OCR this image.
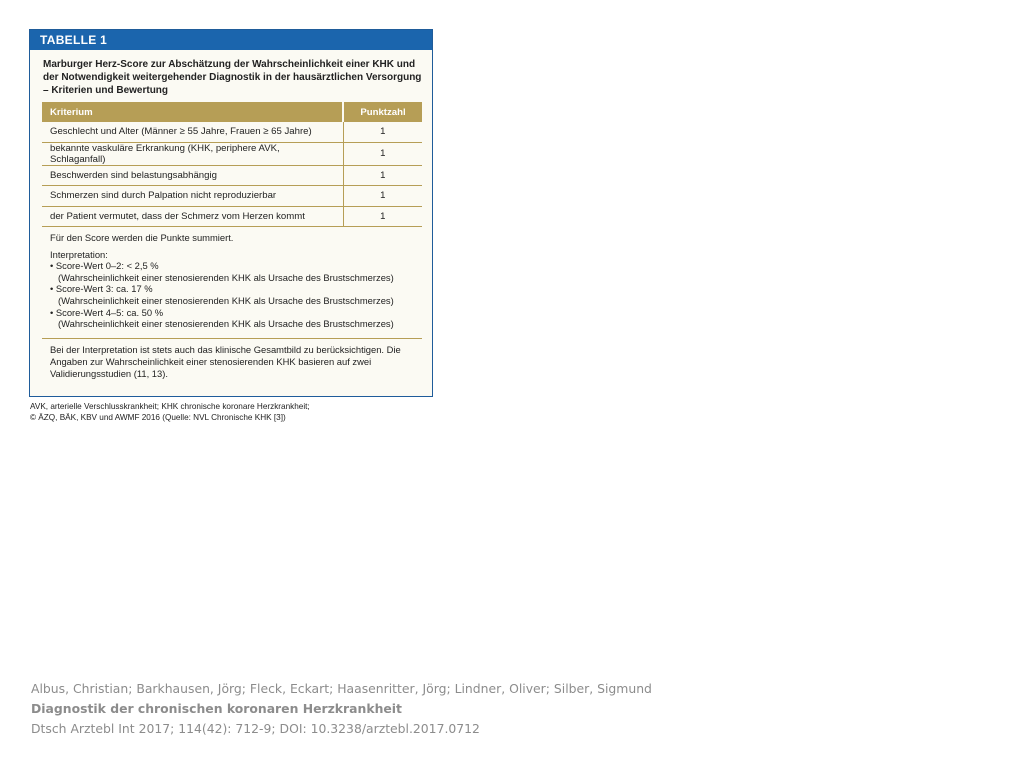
TABELLE 1
Marburger Herz-Score zur Abschätzung der Wahrscheinlichkeit einer KHK und der Notwendigkeit weitergehender Diagnostik in der hausärztlichen Versorgung – Kriterien und Bewertung
Kriterium	Punktzahl
Geschlecht und Alter (Männer ≥ 55 Jahre, Frauen ≥ 65 Jahre)	1
bekannte vaskuläre Erkrankung (KHK, periphere AVK, Schlaganfall)	1
Beschwerden sind belastungsabhängig	1
Schmerzen sind durch Palpation nicht reproduzierbar	1
der Patient vermutet, dass der Schmerz vom Herzen kommt	1
Für den Score werden die Punkte summiert.
Interpretation:
• Score-Wert 0–2: < 2,5 %
(Wahrscheinlichkeit einer stenosierenden KHK als Ursache des Brustschmerzes)
• Score-Wert 3: ca. 17 %
(Wahrscheinlichkeit einer stenosierenden KHK als Ursache des Brustschmerzes)
• Score-Wert 4–5: ca. 50 %
(Wahrscheinlichkeit einer stenosierenden KHK als Ursache des Brustschmerzes)
Bei der Interpretation ist stets auch das klinische Gesamtbild zu berücksichtigen. Die Angaben zur Wahrscheinlichkeit einer stenosierenden KHK basieren auf zwei Validierungsstudien (11, 13).
AVK, arterielle Verschlusskrankheit; KHK chronische koronare Herzkrankheit;
© ÄZQ, BÄK, KBV und AWMF 2016 (Quelle: NVL Chronische KHK [3])
Albus, Christian; Barkhausen, Jörg; Fleck, Eckart; Haasenritter, Jörg; Lindner, Oliver; Silber, Sigmund
Diagnostik der chronischen koronaren Herzkrankheit
Dtsch Arztebl Int 2017; 114(42): 712-9; DOI: 10.3238/arztebl.2017.0712
